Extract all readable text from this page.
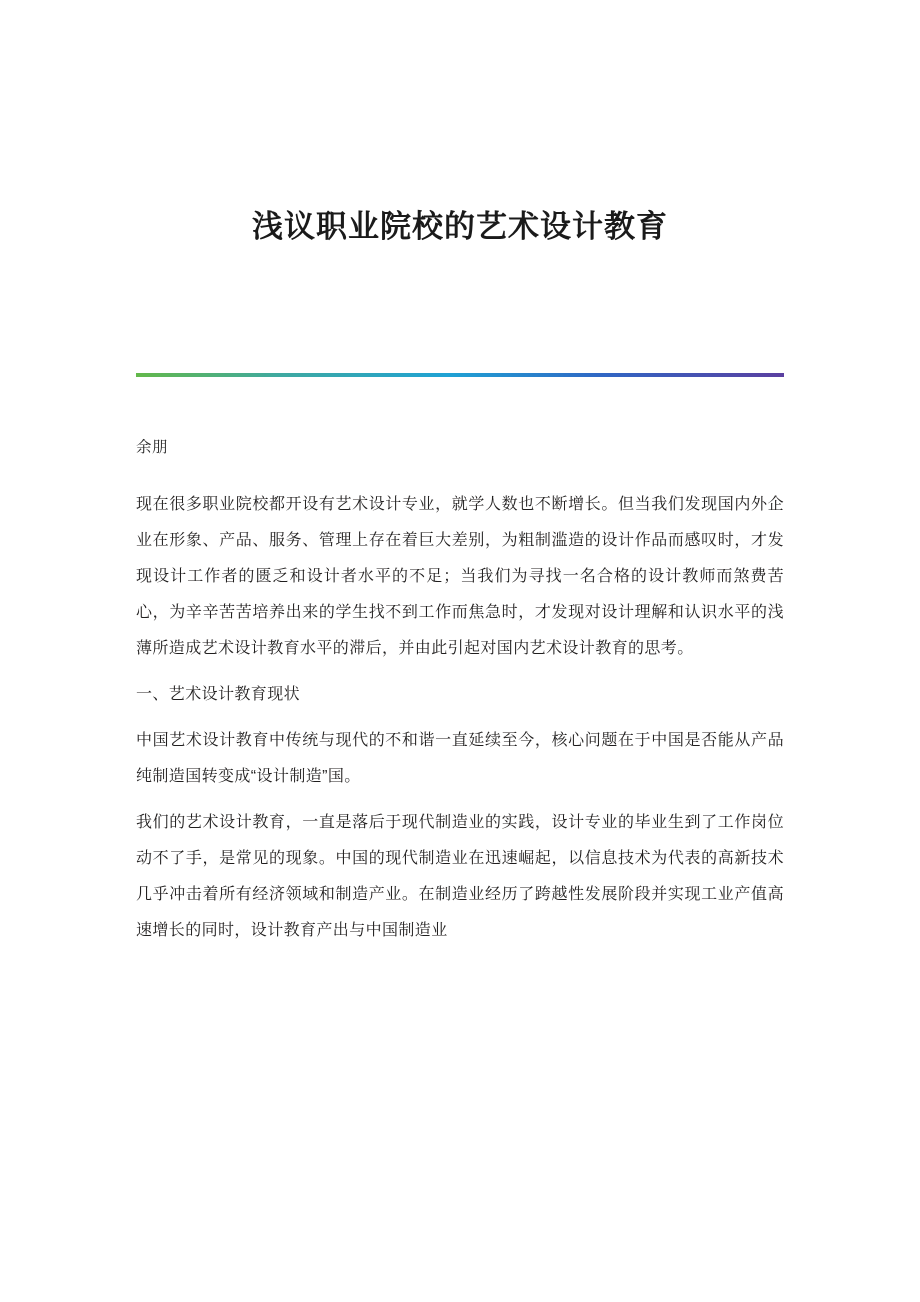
浅议职业院校的艺术设计教育

余朋

现在很多职业院校都开设有艺术设计专业，就学人数也不断增长。但当我们发现国内外企业在形象、产品、服务、管理上存在着巨大差别，为粗制滥造的设计作品而感叹时，才发现设计工作者的匮乏和设计者水平的不足；当我们为寻找一名合格的设计教师而煞费苦心，为辛辛苦苦培养出来的学生找不到工作而焦急时，才发现对设计理解和认识水平的浅薄所造成艺术设计教育水平的滞后，并由此引起对国内艺术设计教育的思考。

一、艺术设计教育现状

中国艺术设计教育中传统与现代的不和谐一直延续至今，核心问题在于中国是否能从产品纯制造国转变成“设计制造”国。

我们的艺术设计教育，一直是落后于现代制造业的实践，设计专业的毕业生到了工作岗位动不了手，是常见的现象。中国的现代制造业在迅速崛起，以信息技术为代表的高新技术几乎冲击着所有经济领域和制造产业。在制造业经历了跨越性发展阶段并实现工业产值高速增长的同时，设计教育产出与中国制造业
